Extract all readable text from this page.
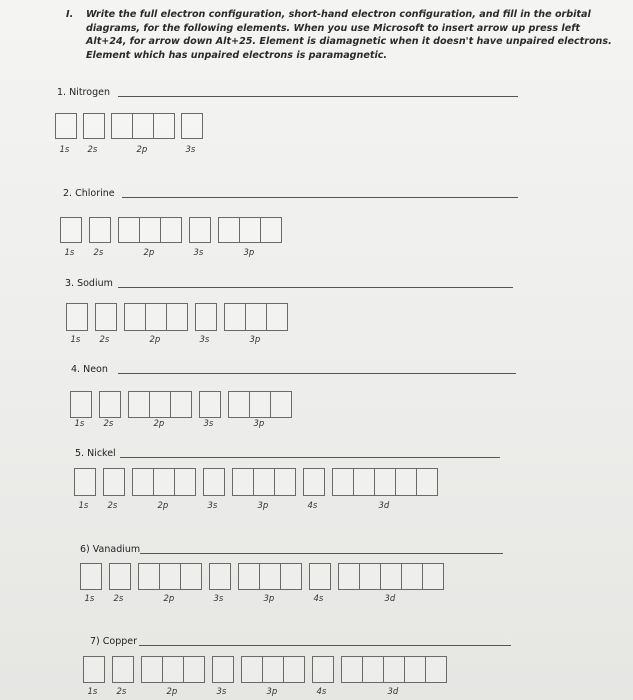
I.	Write the full electron configuration, short-hand electron configuration, and fill in the orbital diagrams, for the following elements. When you use Microsoft to insert arrow up press left Alt+24, for arrow down Alt+25. Element is diamagnetic when it doesn't have unpaired electrons. Element which has unpaired electrons is paramagnetic.
1. Nitrogen
1s 2s	2p	3s
2. Chlorine
1s 2s	2p	3s	3p
3. Sodium
1s 2s	2p	3s	3p
4. Neon
1s 2s	2p	3s	3p
5. Nickel
1s 2s	2p	3s	3p	4s	3d
6) Vanadium
1s 2s	2p	3s	3p	4s	3d
7) Copper
1s 2s	2p	3s	3p	4s	3d
